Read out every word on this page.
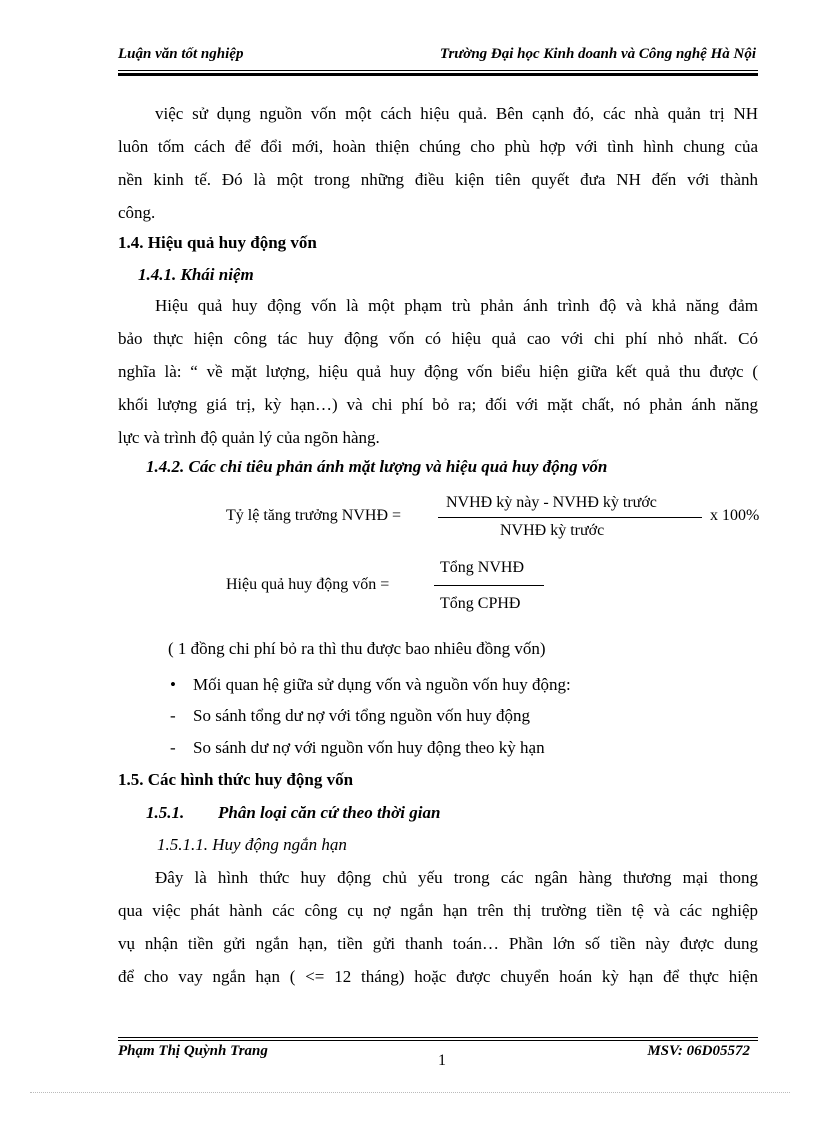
Luận văn tốt nghiệp	Trường Đại học Kinh doanh và Công nghệ Hà Nội
việc sử dụng nguồn vốn một cách hiệu quả. Bên cạnh đó, các nhà quản trị NH
luôn tốm cách để đổi mới, hoàn thiện chúng cho phù hợp với tình hình chung của
nền kinh tế. Đó là một trong những điều kiện tiên quyết đưa NH đến với thành
công.
1.4. Hiệu quả huy động vốn
1.4.1. Khái niệm
Hiệu quả huy động vốn là một phạm trù phản ánh trình độ và khả năng đảm
bảo thực hiện công tác huy động vốn có hiệu quả cao với chi phí nhỏ nhất. Có
nghĩa là: “ về mặt lượng, hiệu quả huy động vốn biểu hiện giữa kết quả thu được (
khối lượng giá trị, kỳ hạn…) và chi phí bỏ ra; đối với mặt chất, nó phản ánh năng
lực và trình độ quản lý của ngõn hàng.
1.4.2. Các chỉ tiêu phản ánh mặt lượng và hiệu quả huy động vốn
Tỷ lệ tăng trưởng NVHĐ =
NVHĐ kỳ này - NVHĐ kỳ trước
NVHĐ kỳ trước
x 100%
Hiệu quả huy động vốn =
Tổng NVHĐ
Tổng CPHĐ
( 1 đồng chi phí bỏ ra thì thu được bao nhiêu đồng vốn)
• Mối quan hệ giữa sử dụng vốn và nguồn vốn huy động:
- So sánh tổng dư nợ với tổng nguồn vốn huy động
- So sánh dư nợ với nguồn vốn huy động theo kỳ hạn
1.5. Các hình thức huy động vốn
1.5.1. Phân loại căn cứ theo thời gian
1.5.1.1. Huy động ngắn hạn
Đây là hình thức huy động chủ yếu trong các ngân hàng thương mại thong
qua việc phát hành các công cụ nợ ngắn hạn trên thị trường tiền tệ và các nghiệp
vụ nhận tiền gửi ngắn hạn, tiền gửi thanh toán… Phần lớn số tiền này được dung
để cho vay ngắn hạn ( <= 12 tháng) hoặc được chuyển hoán kỳ hạn để thực hiện
Phạm Thị Quỳnh Trang	MSV: 06D05572
1
